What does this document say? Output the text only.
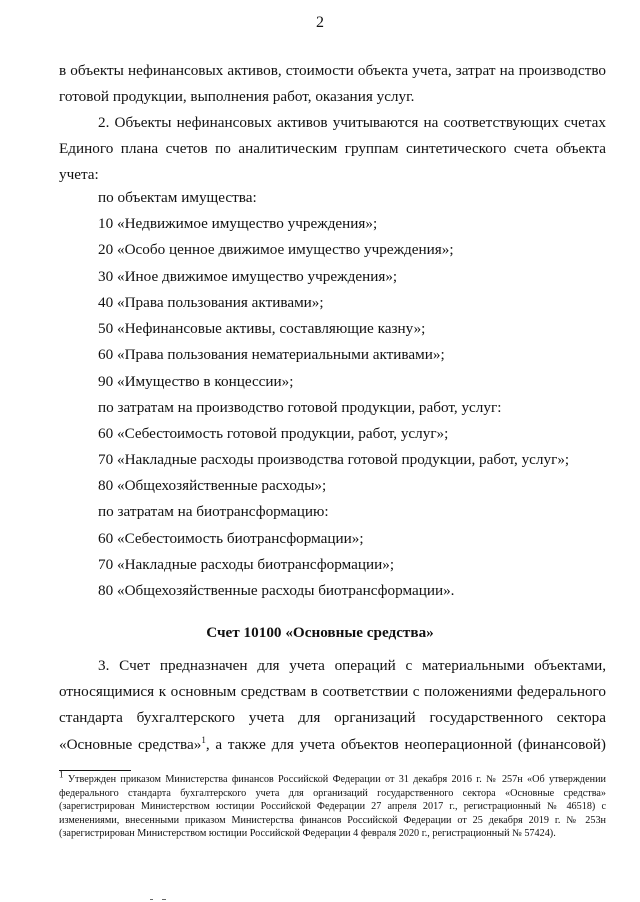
2
в объекты нефинансовых активов, стоимости объекта учета, затрат на производство готовой продукции, выполнения работ, оказания услуг.
2. Объекты нефинансовых активов учитываются на соответствующих счетах Единого плана счетов по аналитическим группам синтетического счета объекта учета:
по объектам имущества:
10 «Недвижимое имущество учреждения»;
20 «Особо ценное движимое имущество учреждения»;
30 «Иное движимое имущество учреждения»;
40 «Права пользования активами»;
50 «Нефинансовые активы, составляющие казну»;
60 «Права пользования нематериальными активами»;
90 «Имущество в концессии»;
по затратам на производство готовой продукции, работ, услуг:
60 «Себестоимость готовой продукции, работ, услуг»;
70 «Накладные расходы производства готовой продукции, работ, услуг»;
80 «Общехозяйственные расходы»;
по затратам на биотрансформацию:
60 «Себестоимость биотрансформации»;
70 «Накладные расходы биотрансформации»;
80 «Общехозяйственные расходы биотрансформации».
Счет 10100 «Основные средства»
3. Счет предназначен для учета операций с материальными объектами, относящимися к основным средствам в соответствии с положениями федерального стандарта бухгалтерского учета для организаций государственного сектора «Основные средства»$^1$, а также для учета объектов неоперационной (финансовой)
$^1$ Утвержден приказом Министерства финансов Российской Федерации от 31 декабря 2016 г. № 257н «Об утверждении федерального стандарта бухгалтерского учета для организаций государственного сектора «Основные средства» (зарегистрирован Министерством юстиции Российской Федерации 27 апреля 2017 г., регистрационный № 46518) с изменениями, внесенными приказом Министерства финансов Российской Федерации от 25 декабря 2019 г. № 253н (зарегистрирован Министерством юстиции Российской Федерации 4 февраля 2020 г., регистрационный № 57424).
